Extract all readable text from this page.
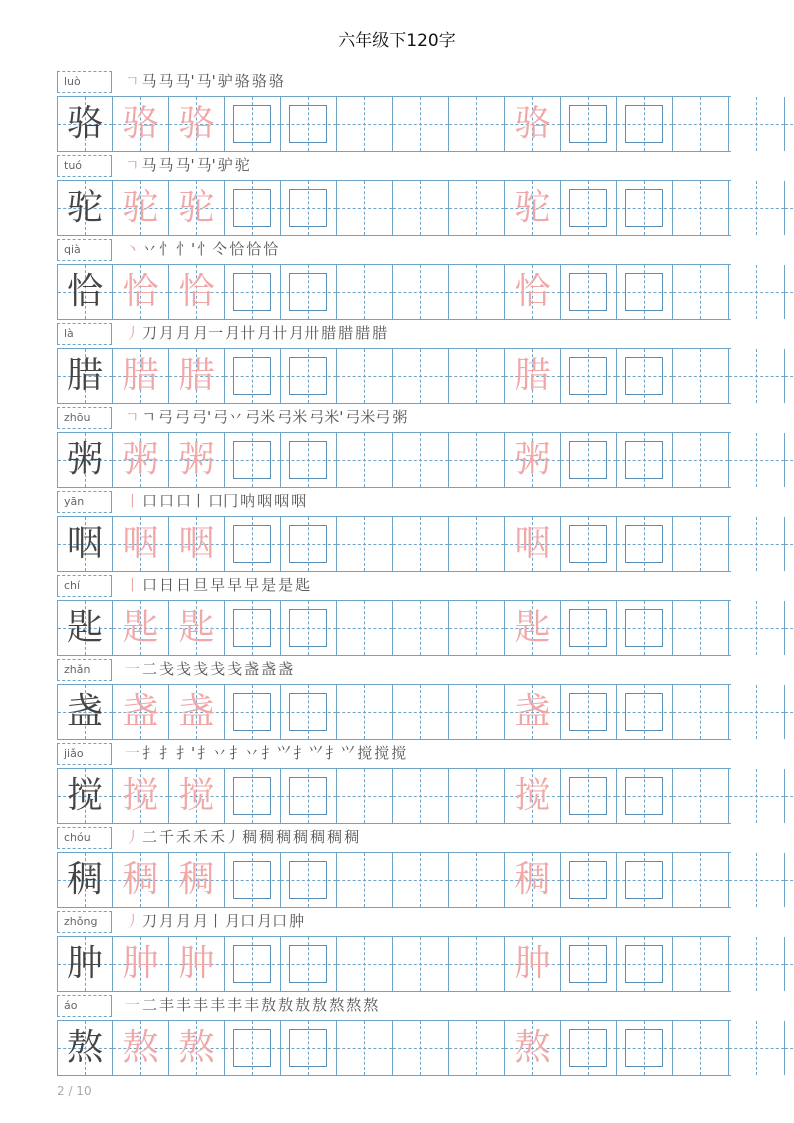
六年级下120字
luò	ㄱ 马 马 马' 马' 驴 骆 骆 骆
骆 骆 骆	骆
tuó	ㄱ 马 马 马' 马' 驴 驼
驼 驼 驼	驼
qià	丶 丷 忄 忄' 忄仒 恰 恰 恰
恰 恰 恰	恰
là	丿 刀 月 月 月一 月卄 月卄 月卅 腊 腊 腊 腊
腊 腊 腊	腊
zhōu	ㄱ ㄱ 弓 弓 弓' 弓丷 弓米 弓米 弓米' 弓米弓 粥
粥 粥 粥	粥
yān	丨 口 口 口丨 口冂 呐 咽 咽 咽
咽 咽 咽	咽
chí	丨 口 日 日 旦 早 早 早 是 是 匙
匙 匙 匙	匙
zhǎn	一 二 戋 戋 戋 戋 戋 盏 盏 盏
盏 盏 盏	盏
jiǎo	一 扌 扌 扌' 扌丷 扌丷 扌⺍ 扌⺍ 扌⺍ 搅 搅 搅
搅 搅 搅	搅
chóu	丿 二 千 禾 禾 禾丿 稠 稠 稠 稠 稠 稠 稠
稠 稠 稠	稠
zhǒng	丿 刀 月 月 月丨 月口 月口 肿
肿 肿 肿	肿
áo	一 二 丰 丰 丰 丰 丰 丰 敖 敖 敖 敖 熬 熬 熬
熬 熬 熬	熬
2 / 10
